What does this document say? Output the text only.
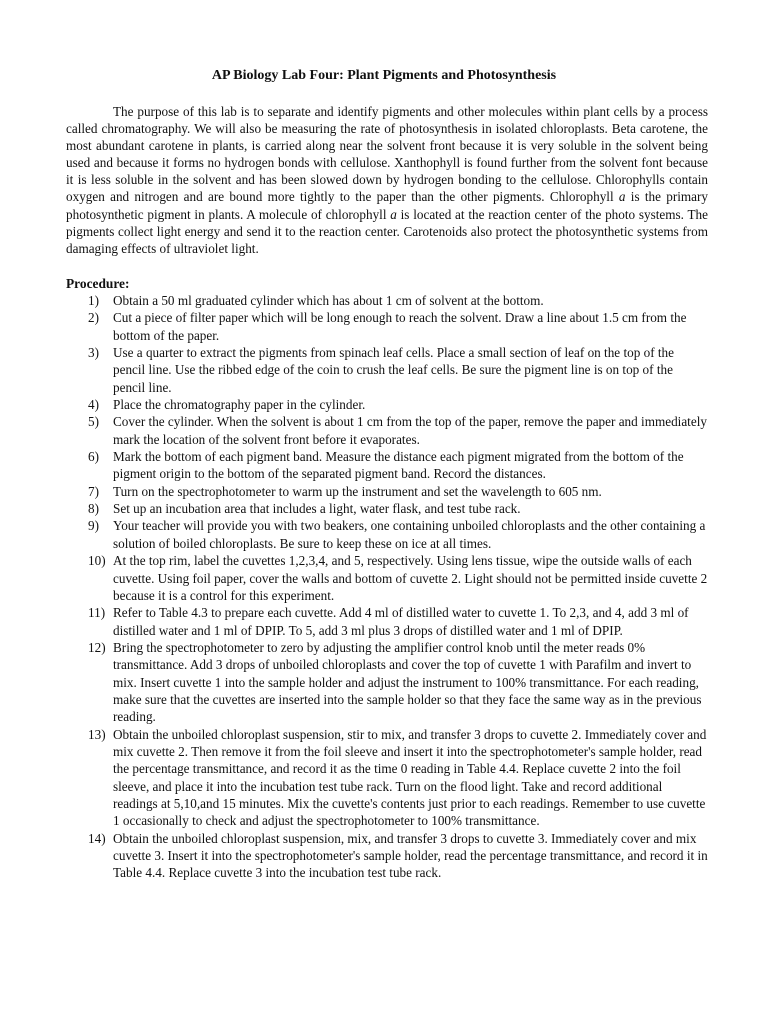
AP Biology Lab Four: Plant Pigments and Photosynthesis

The purpose of this lab is to separate and identify pigments and other molecules within plant cells by a process called chromatography. We will also be measuring the rate of photosynthesis in isolated chloroplasts. Beta carotene, the most abundant carotene in plants, is carried along near the solvent front because it is very soluble in the solvent being used and because it forms no hydrogen bonds with cellulose. Xanthophyll is found further from the solvent font because it is less soluble in the solvent and has been slowed down by hydrogen bonding to the cellulose. Chlorophylls contain oxygen and nitrogen and are bound more tightly to the paper than the other pigments. Chlorophyll a is the primary photosynthetic pigment in plants. A molecule of chlorophyll a is located at the reaction center of the photo systems. The pigments collect light energy and send it to the reaction center. Carotenoids also protect the photosynthetic systems from damaging effects of ultraviolet light.

Procedure:
1) Obtain a 50 ml graduated cylinder which has about 1 cm of solvent at the bottom.
2) Cut a piece of filter paper which will be long enough to reach the solvent. Draw a line about 1.5 cm from the bottom of the paper.
3) Use a quarter to extract the pigments from spinach leaf cells. Place a small section of leaf on the top of the pencil line. Use the ribbed edge of the coin to crush the leaf cells. Be sure the pigment line is on top of the pencil line.
4) Place the chromatography paper in the cylinder.
5) Cover the cylinder. When the solvent is about 1 cm from the top of the paper, remove the paper and immediately mark the location of the solvent front before it evaporates.
6) Mark the bottom of each pigment band. Measure the distance each pigment migrated from the bottom of the pigment origin to the bottom of the separated pigment band. Record the distances.
7) Turn on the spectrophotometer to warm up the instrument and set the wavelength to 605 nm.
8) Set up an incubation area that includes a light, water flask, and test tube rack.
9) Your teacher will provide you with two beakers, one containing unboiled chloroplasts and the other containing a solution of boiled chloroplasts. Be sure to keep these on ice at all times.
10) At the top rim, label the cuvettes 1,2,3,4, and 5, respectively. Using lens tissue, wipe the outside walls of each cuvette. Using foil paper, cover the walls and bottom of cuvette 2. Light should not be permitted inside cuvette 2 because it is a control for this experiment.
11) Refer to Table 4.3 to prepare each cuvette. Add 4 ml of distilled water to cuvette 1. To 2,3, and 4, add 3 ml of distilled water and 1 ml of DPIP. To 5, add 3 ml plus 3 drops of distilled water and 1 ml of DPIP.
12) Bring the spectrophotometer to zero by adjusting the amplifier control knob until the meter reads 0% transmittance. Add 3 drops of unboiled chloroplasts and cover the top of cuvette 1 with Parafilm and invert to mix. Insert cuvette 1 into the sample holder and adjust the instrument to 100% transmittance. For each reading, make sure that the cuvettes are inserted into the sample holder so that they face the same way as in the previous reading.
13) Obtain the unboiled chloroplast suspension, stir to mix, and transfer 3 drops to cuvette 2. Immediately cover and mix cuvette 2. Then remove it from the foil sleeve and insert it into the spectrophotometer's sample holder, read the percentage transmittance, and record it as the time 0 reading in Table 4.4. Replace cuvette 2 into the foil sleeve, and place it into the incubation test tube rack. Turn on the flood light. Take and record additional readings at 5,10,and 15 minutes. Mix the cuvette's contents just prior to each readings. Remember to use cuvette 1 occasionally to check and adjust the spectrophotometer to 100% transmittance.
14) Obtain the unboiled chloroplast suspension, mix, and transfer 3 drops to cuvette 3. Immediately cover and mix cuvette 3. Insert it into the spectrophotometer's sample holder, read the percentage transmittance, and record it in Table 4.4. Replace cuvette 3 into the incubation test tube rack.
